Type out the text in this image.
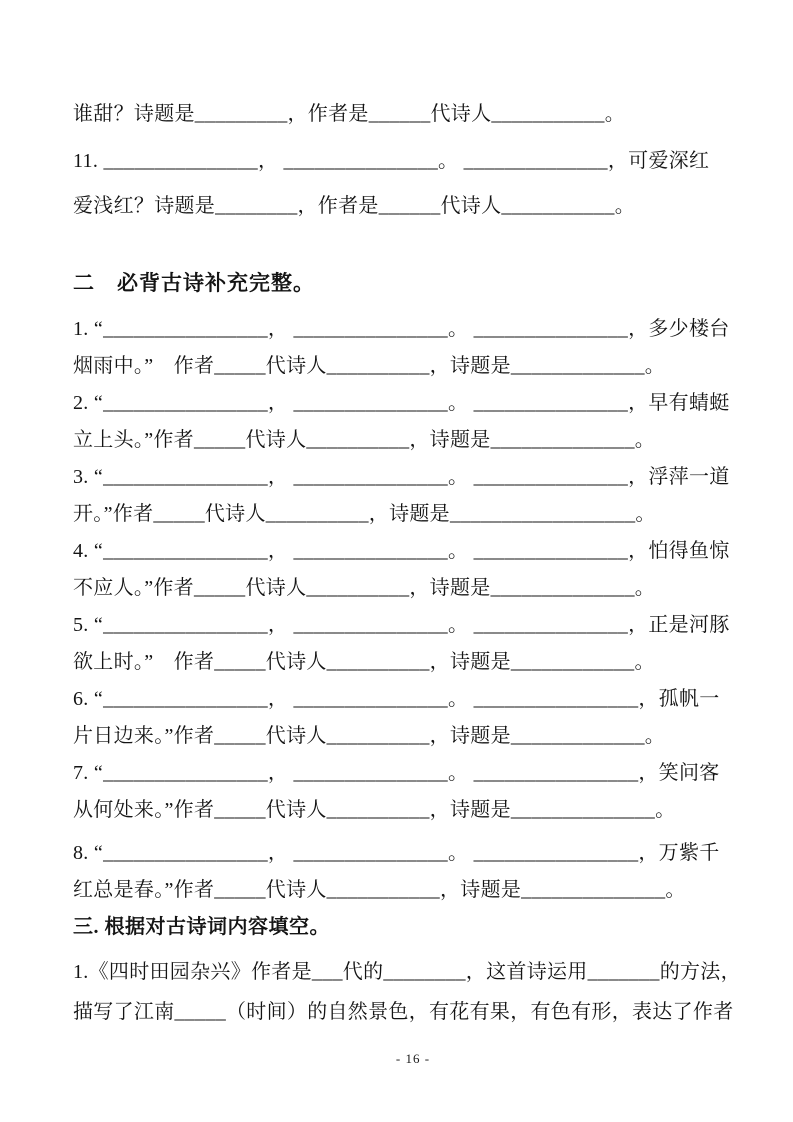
谁甜？诗题是_________，作者是______代诗人___________。

11. _______________， _______________。 ______________，可爱深红

爱浅红？诗题是________，作者是______代诗人___________。

二　必背古诗补充完整。

1. “________________， _______________。 _______________，多少楼台

烟雨中。”　作者_____代诗人__________，诗题是_____________。

2. “________________， _______________。 _______________，早有蜻蜓

立上头。”作者_____代诗人__________，诗题是______________。

3. “________________， _______________。 _______________，浮萍一道

开。”作者_____代诗人__________，诗题是__________________。

4. “________________， _______________。 _______________，怕得鱼惊

不应人。”作者_____代诗人__________，诗题是______________。

5. “________________， _______________。 _______________，正是河豚

欲上时。”　作者_____代诗人__________，诗题是____________。

6. “________________， _______________。 ________________，孤帆一

片日边来。”作者_____代诗人__________，诗题是_____________。

7. “________________， _______________。 ________________，笑问客

从何处来。”作者_____代诗人__________，诗题是______________。

8. “________________， _______________。 ________________，万紫千

红总是春。”作者_____代诗人___________，诗题是______________。

三. 根据对古诗词内容填空。

1.《四时田园杂兴》作者是___代的________，这首诗运用_______的方法，

描写了江南_____（时间）的自然景色，有花有果，有色有形，表达了作者

- 16 -
